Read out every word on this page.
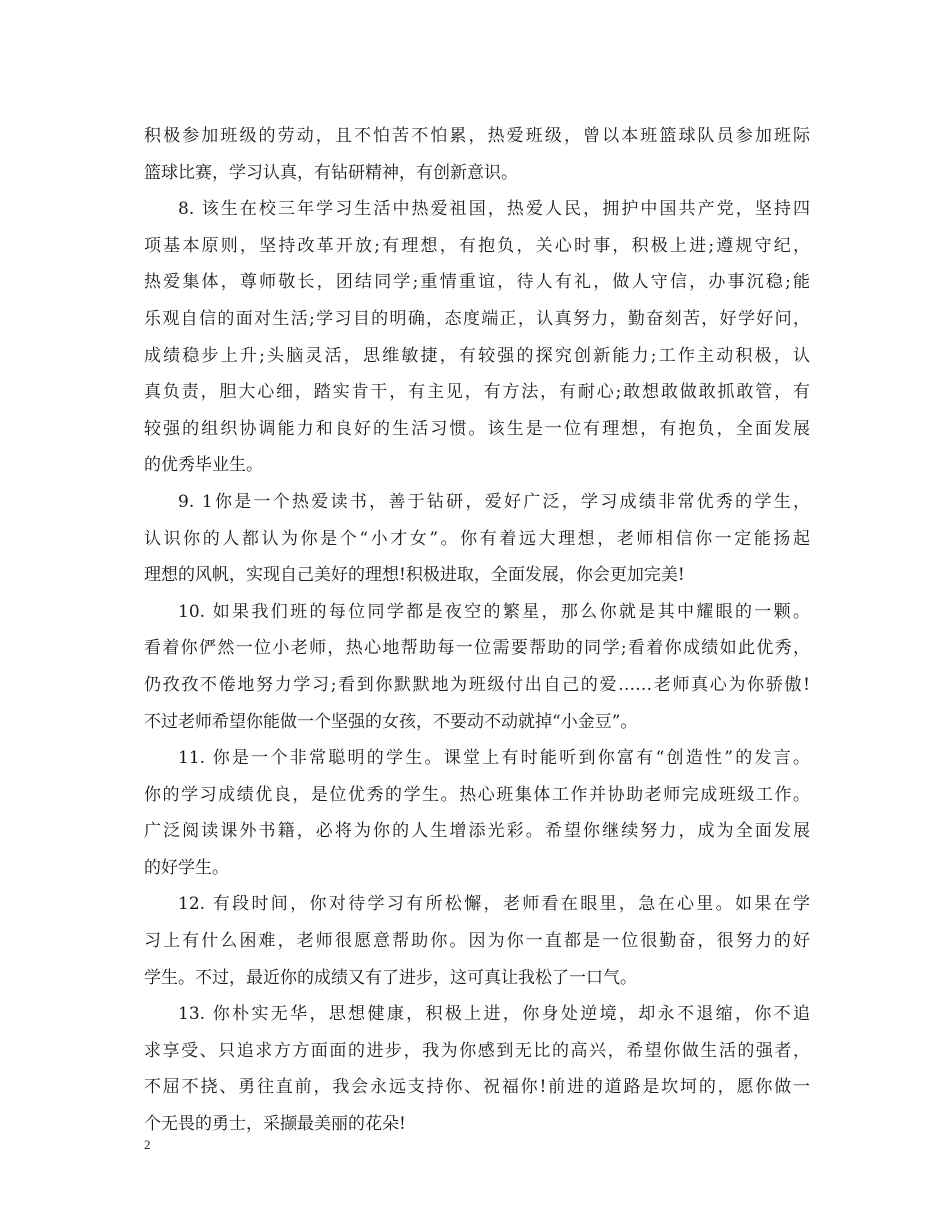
积极参加班级的劳动，且不怕苦不怕累，热爱班级，曾以本班篮球队员参加班际
篮球比赛，学习认真，有钻研精神，有创新意识。
8. 该生在校三年学习生活中热爱祖国，热爱人民，拥护中国共产党，坚持四
项基本原则，坚持改革开放;有理想，有抱负，关心时事，积极上进;遵规守纪，
热爱集体，尊师敬长，团结同学;重情重谊，待人有礼，做人守信，办事沉稳;能
乐观自信的面对生活;学习目的明确，态度端正，认真努力，勤奋刻苦，好学好问，
成绩稳步上升;头脑灵活，思维敏捷，有较强的探究创新能力;工作主动积极，认
真负责，胆大心细，踏实肯干，有主见，有方法，有耐心;敢想敢做敢抓敢管，有
较强的组织协调能力和良好的生活习惯。该生是一位有理想，有抱负，全面发展
的优秀毕业生。
9. 1你是一个热爱读书，善于钻研，爱好广泛，学习成绩非常优秀的学生，
认识你的人都认为你是个“小才女”。你有着远大理想，老师相信你一定能扬起
理想的风帆，实现自己美好的理想!积极进取，全面发展，你会更加完美!
10. 如果我们班的每位同学都是夜空的繁星，那么你就是其中耀眼的一颗。
看着你俨然一位小老师，热心地帮助每一位需要帮助的同学;看着你成绩如此优秀，
仍孜孜不倦地努力学习;看到你默默地为班级付出自己的爱……老师真心为你骄傲!
不过老师希望你能做一个坚强的女孩，不要动不动就掉“小金豆”。
11. 你是一个非常聪明的学生。课堂上有时能听到你富有“创造性”的发言。
你的学习成绩优良，是位优秀的学生。热心班集体工作并协助老师完成班级工作。
广泛阅读课外书籍，必将为你的人生增添光彩。希望你继续努力，成为全面发展
的好学生。
12. 有段时间，你对待学习有所松懈，老师看在眼里，急在心里。如果在学
习上有什么困难，老师很愿意帮助你。因为你一直都是一位很勤奋，很努力的好
学生。不过，最近你的成绩又有了进步，这可真让我松了一口气。
13. 你朴实无华，思想健康，积极上进，你身处逆境，却永不退缩，你不追
求享受、只追求方方面面的进步，我为你感到无比的高兴，希望你做生活的强者，
不屈不挠、勇往直前，我会永远支持你、祝福你!前进的道路是坎坷的，愿你做一
个无畏的勇士，采撷最美丽的花朵!
2
